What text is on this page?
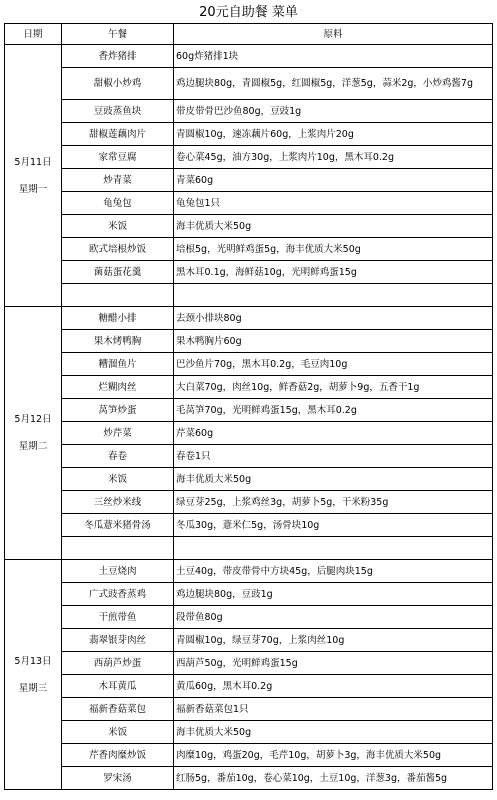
20元自助餐 菜单
日期	午餐	原料

5月11日
星期一	香炸猪排	60g炸猪排1块
	甜椒小炒鸡	鸡边腿块80g，青圆椒5g，红圆椒5g，洋葱5g，蒜米2g，小炒鸡酱7g
	豆豉蒸鱼块	带皮带骨巴沙鱼80g，豆豉1g
	甜椒莲藕肉片	青圆椒10g，速冻藕片60g，上浆肉片20g
	家常豆腐	卷心菜45g，油方30g，上浆肉片10g，黑木耳0.2g
	炒青菜	青菜60g
	龟兔包	龟兔包1只
	米饭	海丰优质大米50g
	欧式培根炒饭	培根5g，光明鲜鸡蛋5g，海丰优质大米50g
	菌菇蛋花羹	黑木耳0.1g，海鲜菇10g，光明鲜鸡蛋15g

5月12日
星期二	糖醋小排	去颈小排块80g
	果木烤鸭胸	果木鸭胸片60g
	糟溜鱼片	巴沙鱼片70g，黑木耳0.2g，毛豆肉10g
	烂糊肉丝	大白菜70g，肉丝10g，鲜香菇2g，胡萝卜9g，五香干1g
	莴笋炒蛋	毛莴笋70g，光明鲜鸡蛋15g，黑木耳0.2g
	炒芹菜	芹菜60g
	春卷	春卷1只
	米饭	海丰优质大米50g
	三丝炒米线	绿豆芽25g，上浆鸡丝3g，胡萝卜5g，干米粉35g
	冬瓜薏米猪骨汤	冬瓜30g，薏米仁5g，汤骨块10g

5月13日
星期三	土豆烧肉	土豆40g，带皮带骨中方块45g，后腿肉块15g
	广式豉香蒸鸡	鸡边腿块80g，豆豉1g
	干煎带鱼	段带鱼80g
	翡翠银芽肉丝	青圆椒10g，绿豆芽70g，上浆肉丝10g
	西葫芦炒蛋	西葫芦50g，光明鲜鸡蛋15g
	木耳黄瓜	黄瓜60g，黑木耳0.2g
	福新香菇菜包	福新香菇菜包1只
	米饭	海丰优质大米50g
	芹香肉糜炒饭	肉糜10g，鸡蛋20g，毛芹10g，胡萝卜3g，海丰优质大米50g
	罗宋汤	红肠5g，番茄10g，卷心菜10g，土豆10g，洋葱3g，番茄酱5g
